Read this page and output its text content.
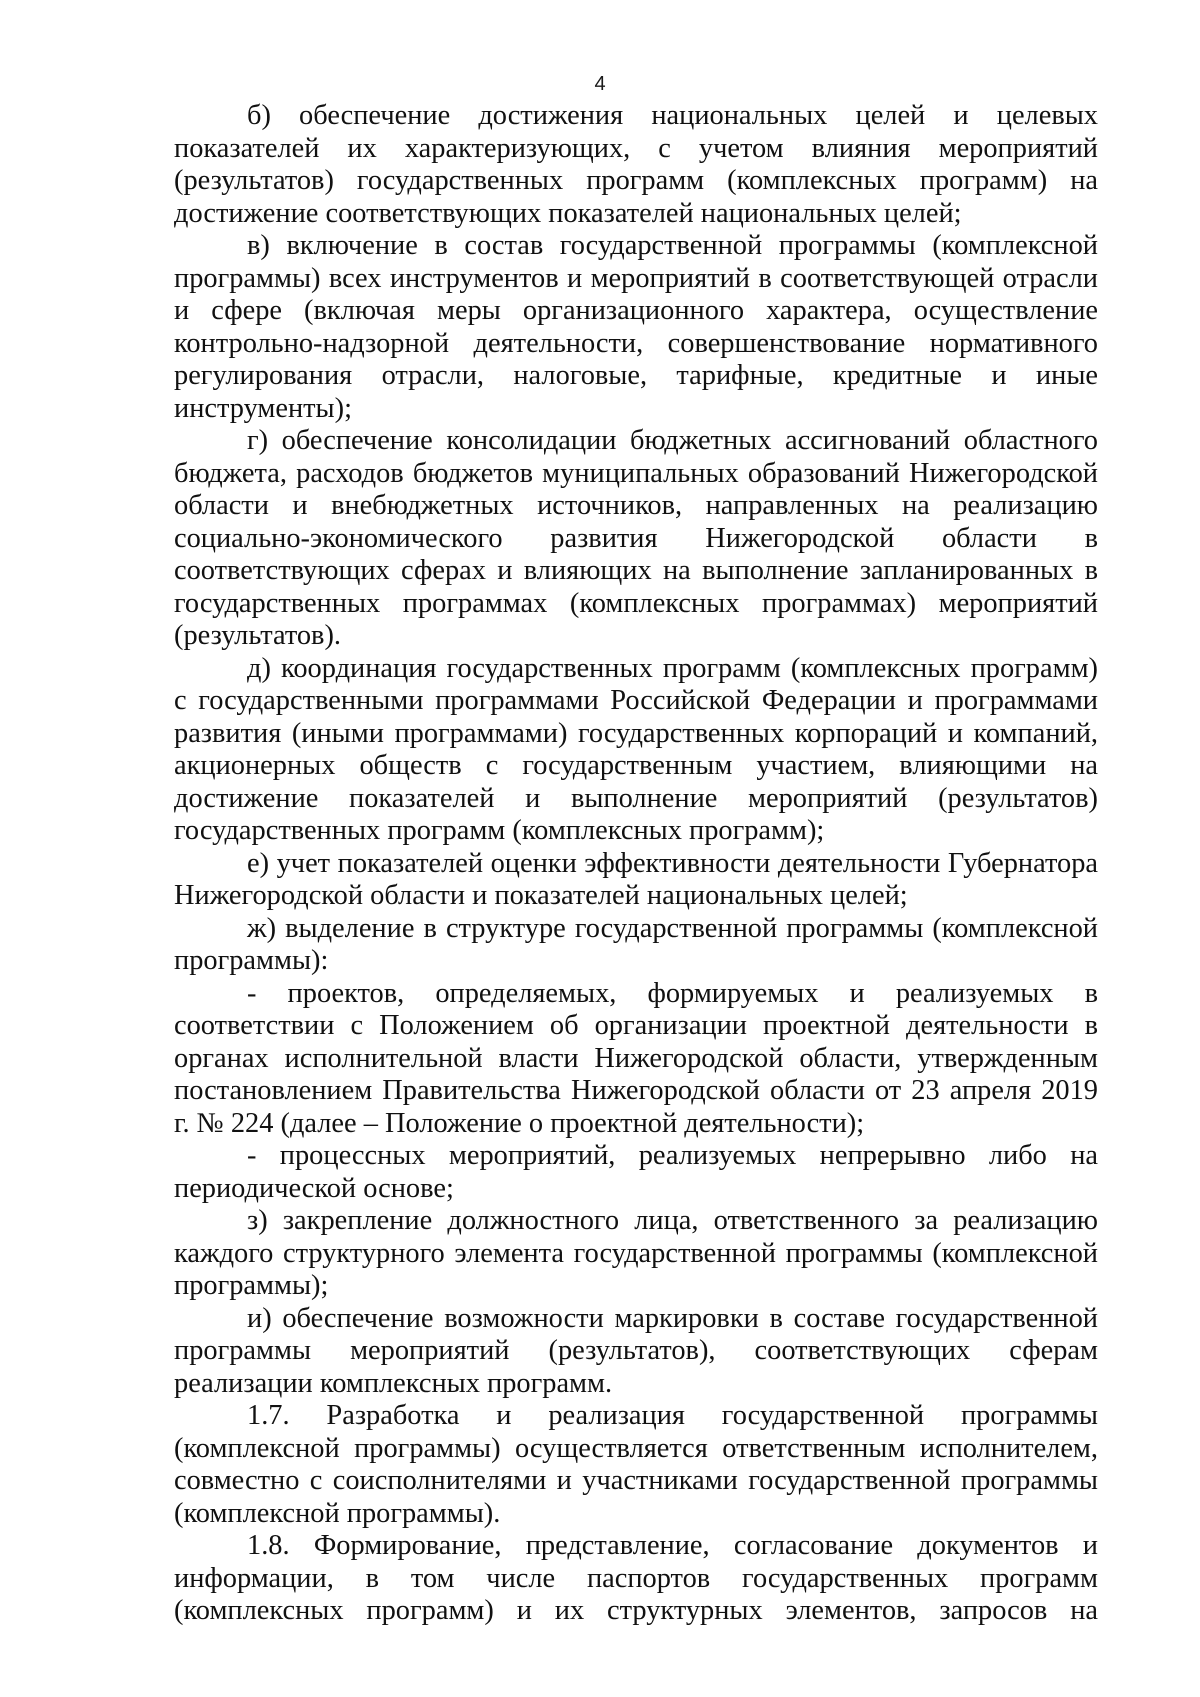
4

б) обеспечение достижения национальных целей и целевых показателей их характеризующих, с учетом влияния мероприятий (результатов) государственных программ (комплексных программ) на достижение соответствующих показателей национальных целей;

в) включение в состав государственной программы (комплексной программы) всех инструментов и мероприятий в соответствующей отрасли и сфере (включая меры организационного характера, осуществление контрольно-надзорной деятельности, совершенствование нормативного регулирования отрасли, налоговые, тарифные, кредитные и иные инструменты);

г) обеспечение консолидации бюджетных ассигнований областного бюджета, расходов бюджетов муниципальных образований Нижегородской области и внебюджетных источников, направленных на реализацию социально-экономического развития Нижегородской области в соответствующих сферах и влияющих на выполнение запланированных в государственных программах (комплексных программах) мероприятий (результатов).

д) координация государственных программ (комплексных программ) с государственными программами Российской Федерации и программами развития (иными программами) государственных корпораций и компаний, акционерных обществ с государственным участием, влияющими на достижение показателей и выполнение мероприятий (результатов) государственных программ (комплексных программ);

е) учет показателей оценки эффективности деятельности Губернатора Нижегородской области и показателей национальных целей;

ж) выделение в структуре государственной программы (комплексной программы):

- проектов, определяемых, формируемых и реализуемых в соответствии с Положением об организации проектной деятельности в органах исполнительной власти Нижегородской области, утвержденным постановлением Правительства Нижегородской области от 23 апреля 2019 г. № 224 (далее – Положение о проектной деятельности);

- процессных мероприятий, реализуемых непрерывно либо на периодической основе;

з) закрепление должностного лица, ответственного за реализацию каждого структурного элемента государственной программы (комплексной программы);

и) обеспечение возможности маркировки в составе государственной программы мероприятий (результатов), соответствующих сферам реализации комплексных программ.

1.7. Разработка и реализация государственной программы (комплексной программы) осуществляется ответственным исполнителем, совместно с соисполнителями и участниками государственной программы (комплексной программы).

1.8. Формирование, представление, согласование документов и информации, в том числе паспортов государственных программ (комплексных программ) и их структурных элементов, запросов на
